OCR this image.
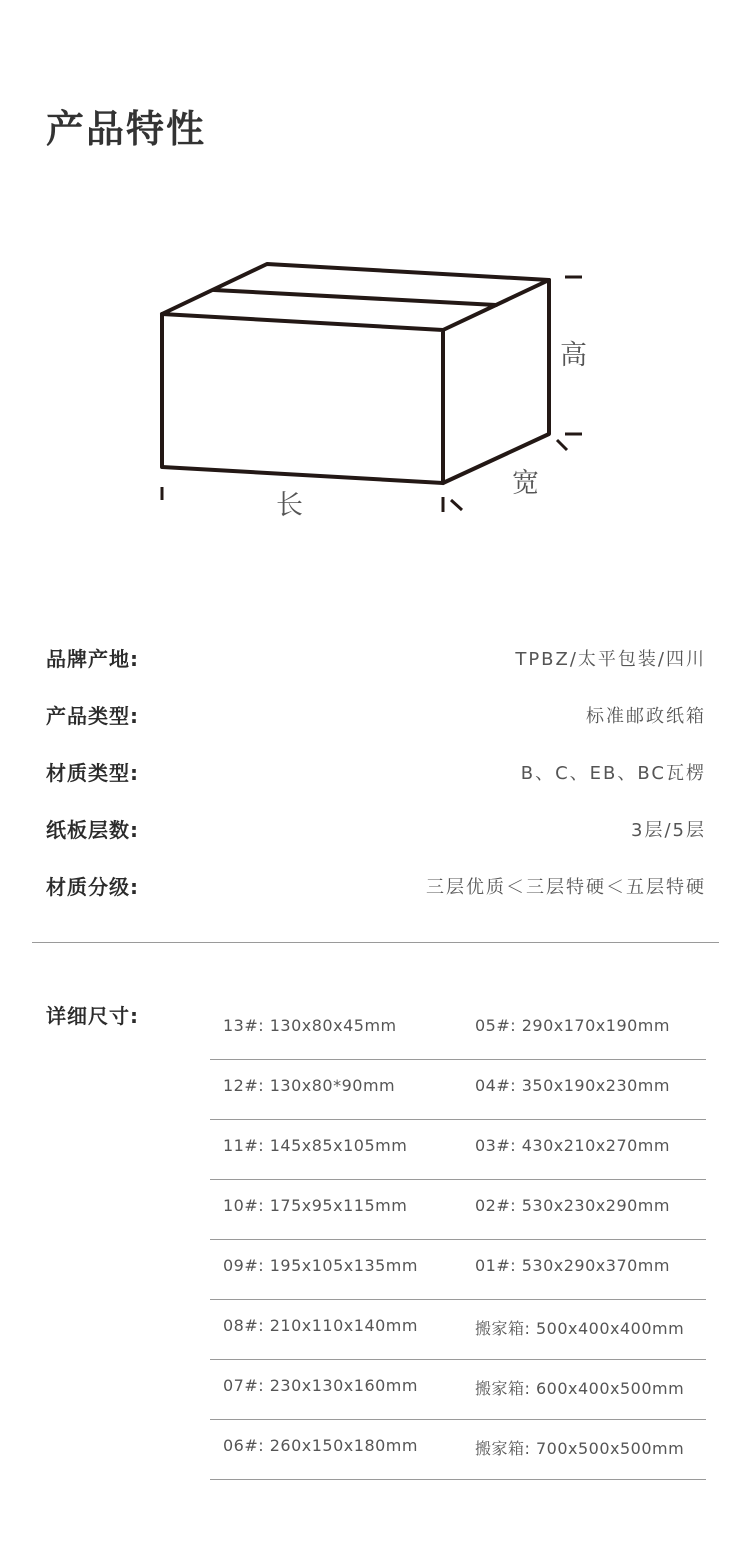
产品特性
高
宽
长
品牌产地:	TPBZ/太平包装/四川
产品类型:	标准邮政纸箱
材质类型:	B、C、EB、BC瓦楞
纸板层数:	3层/5层
材质分级:	三层优质＜三层特硬＜五层特硬
详细尺寸:	13#: 130x80x45mm	05#: 290x170x190mm
12#: 130x80*90mm	04#: 350x190x230mm
11#: 145x85x105mm	03#: 430x210x270mm
10#: 175x95x115mm	02#: 530x230x290mm
09#: 195x105x135mm	01#: 530x290x370mm
08#: 210x110x140mm	搬家箱: 500x400x400mm
07#: 230x130x160mm	搬家箱: 600x400x500mm
06#: 260x150x180mm	搬家箱: 700x500x500mm
